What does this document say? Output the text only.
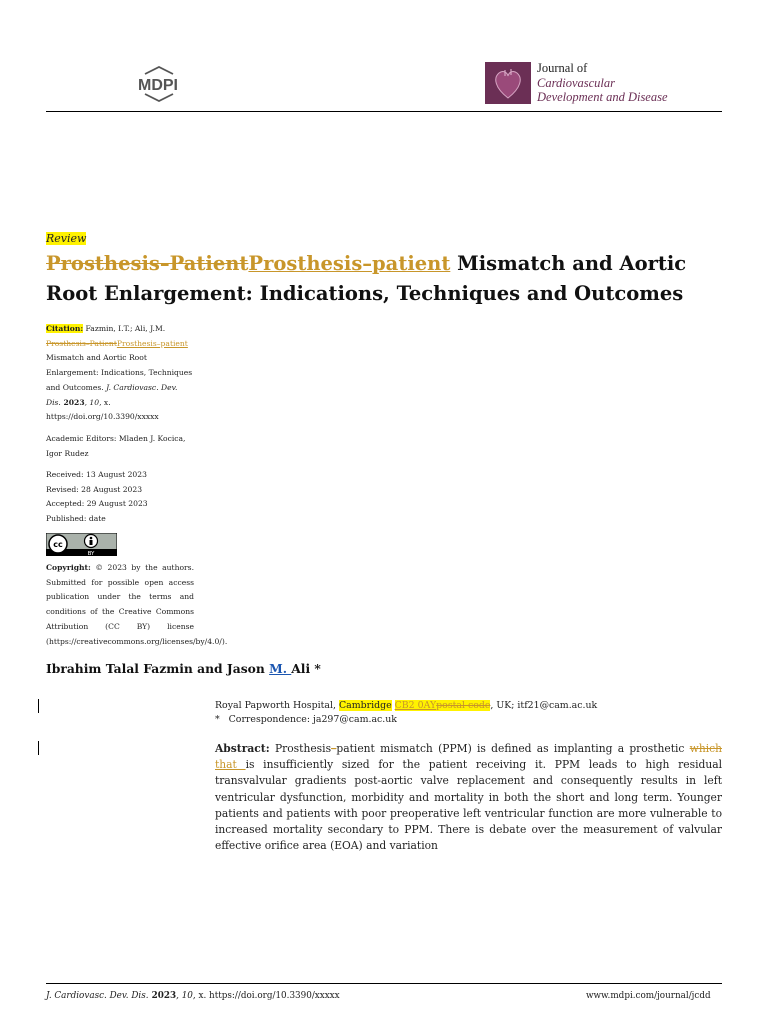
MDPI
Journal of
Cardiovascular
Development and Disease
Review
Prosthesis–PatientProsthesis–patient Mismatch and Aortic Root Enlargement: Indications, Techniques and Outcomes
Citation: Fazmin, I.T.; Ali, J.M. Prosthesis–PatientProsthesis–patient Mismatch and Aortic Root Enlargement: Indications, Techniques and Outcomes. J. Cardiovasc. Dev. Dis. 2023, 10, x. https://doi.org/10.3390/xxxxx
Academic Editors: Mladen J. Kocica, Igor Rudez
Received: 13 August 2023
Revised: 28 August 2023
Accepted: 29 August 2023
Published: date
cc
BY
Copyright: © 2023 by the authors. Submitted for possible open access publication under the terms and conditions of the Creative Commons Attribution (CC BY) license (https://creativecommons.org/licenses/by/4.0/).
Ibrahim Talal Fazmin and Jason M. Ali *
Royal Papworth Hospital, Cambridge CB2 0AYpostal code, UK; itf21@cam.ac.uk
*   Correspondence: ja297@cam.ac.uk
Abstract: Prosthesis–patient mismatch (PPM) is defined as implanting a prosthetic which that is insufficiently sized for the patient receiving it. PPM leads to high residual transvalvular gradients post-aortic valve replacement and consequently results in left ventricular dysfunction, morbidity and mortality in both the short and long term. Younger patients and patients with poor preoperative left ventricular function are more vulnerable to increased mortality secondary to PPM. There is debate over the measurement of valvular effective orifice area (EOA) and variation
J. Cardiovasc. Dev. Dis. 2023, 10, x. https://doi.org/10.3390/xxxxx	www.mdpi.com/journal/jcdd
